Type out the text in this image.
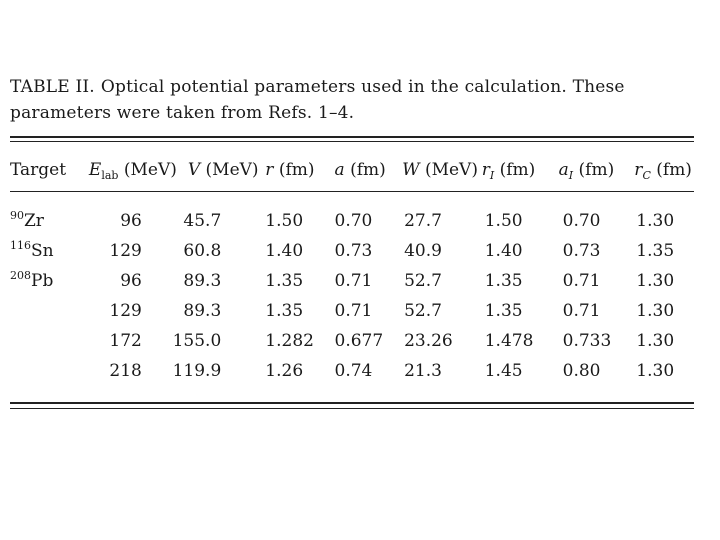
TABLE II. Optical potential parameters used in the calculation. These parameters were taken from Refs. 1–4.
Target	$E_{lab}$ (MeV)	V (MeV)	r (fm)	a (fm)	W (MeV)	$r_I$ (fm)	$a_I$ (fm)	$r_C$ (fm)
$^{90}$Zr	96	45.7	1.50	0.70	27.7	1.50	0.70	1.30
$^{116}$Sn	129	60.8	1.40	0.73	40.9	1.40	0.73	1.35
$^{208}$Pb	96	89.3	1.35	0.71	52.7	1.35	0.71	1.30
	129	89.3	1.35	0.71	52.7	1.35	0.71	1.30
	172	155.0	1.282	0.677	23.26	1.478	0.733	1.30
	218	119.9	1.26	0.74	21.3	1.45	0.80	1.30
